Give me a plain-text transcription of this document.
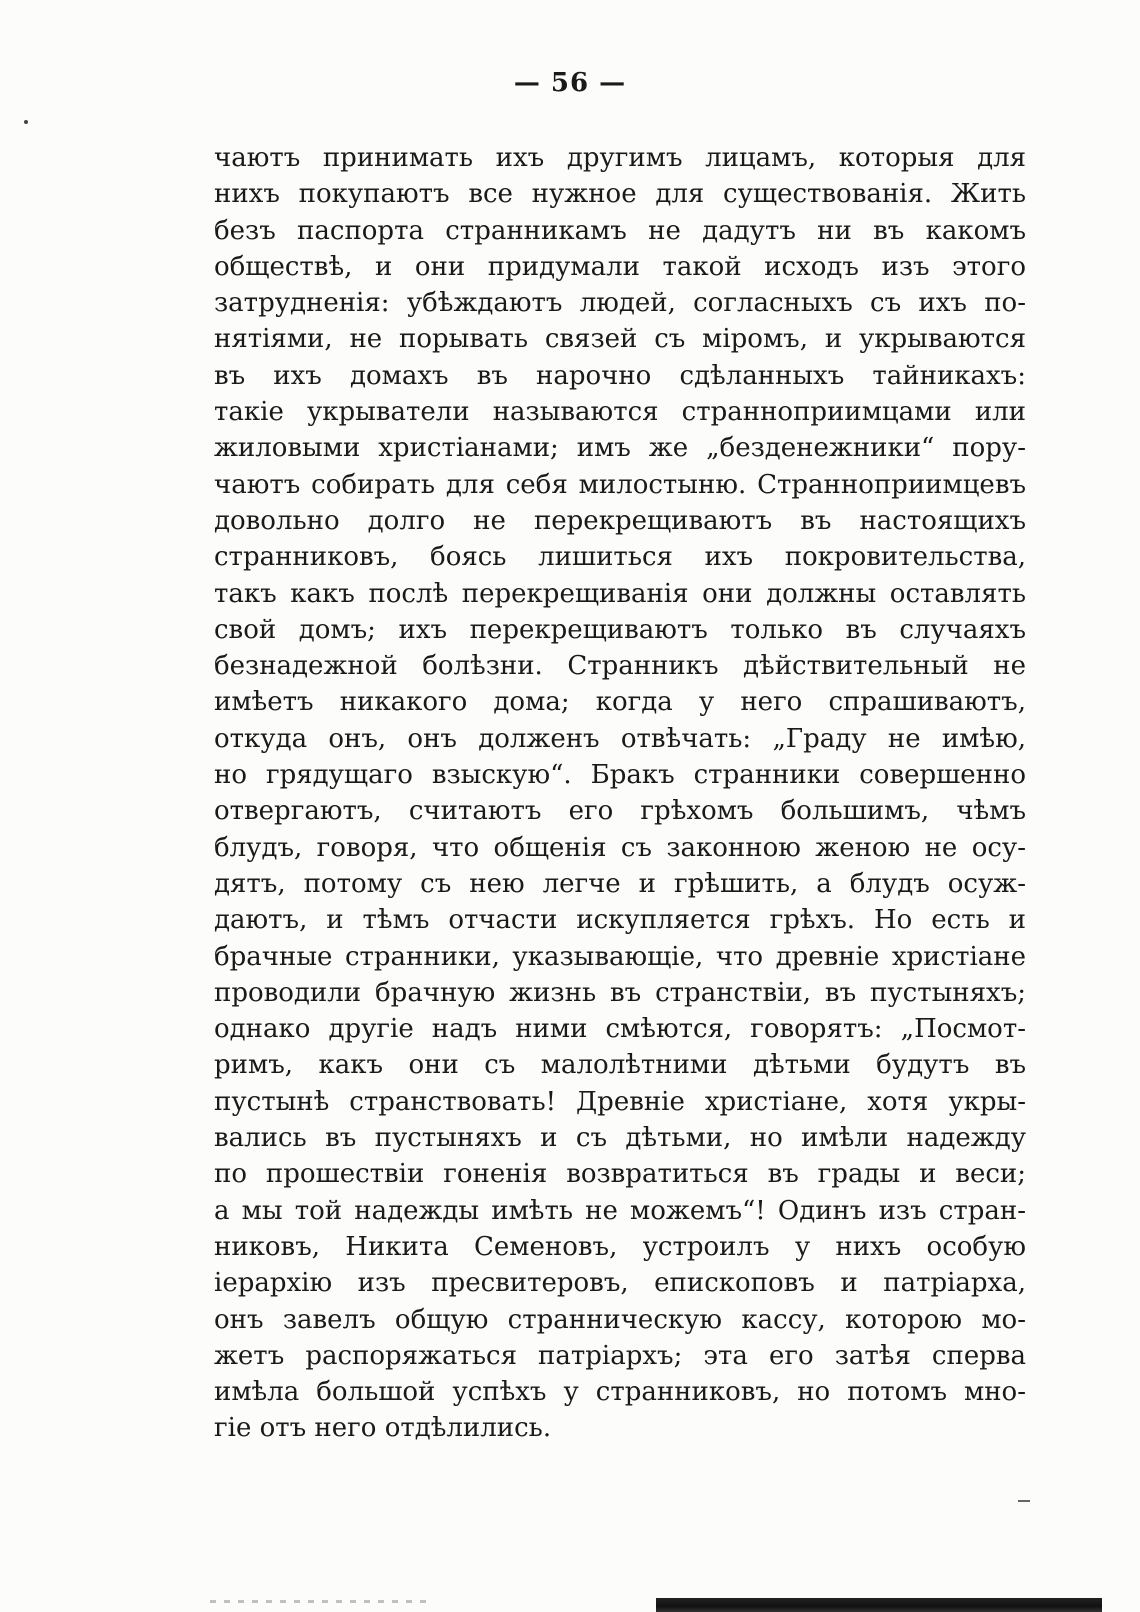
— 56 —
чаютъ принимать ихъ другимъ лицамъ, которыя для
нихъ покупаютъ все нужное для существованія. Жить
безъ паспорта странникамъ не дадутъ ни въ какомъ
обществѣ, и они придумали такой исходъ изъ этого
затрудненія: убѣждаютъ людей, согласныхъ съ ихъ по-
нятіями, не порывать связей съ міромъ, и укрываются
въ ихъ домахъ въ нарочно сдѣланныхъ тайникахъ:
такіе укрыватели называются странноприимцами или
жиловыми христіанами; имъ же „безденежники“ пору-
чаютъ собирать для себя милостыню. Странноприимцевъ
довольно долго не перекрещиваютъ въ настоящихъ
странниковъ, боясь лишиться ихъ покровительства,
такъ какъ послѣ перекрещиванія они должны оставлять
свой домъ; ихъ перекрещиваютъ только въ случаяхъ
безнадежной болѣзни. Странникъ дѣйствительный не
имѣетъ никакого дома; когда у него спрашиваютъ,
откуда онъ, онъ долженъ отвѣчать: „Граду не имѣю,
но грядущаго взыскую“. Бракъ странники совершенно
отвергаютъ, считаютъ его грѣхомъ большимъ, чѣмъ
блудъ, говоря, что общенія съ законною женою не осу-
дятъ, потому съ нею легче и грѣшить, а блудъ осуж-
даютъ, и тѣмъ отчасти искупляется грѣхъ. Но есть и
брачные странники, указывающіе, что древніе христіане
проводили брачную жизнь въ странствіи, въ пустыняхъ;
однако другіе надъ ними смѣются, говорятъ: „Посмот-
римъ, какъ они съ малолѣтними дѣтьми будутъ въ
пустынѣ странствовать! Древніе христіане, хотя укры-
вались въ пустыняхъ и съ дѣтьми, но имѣли надежду
по прошествіи гоненія возвратиться въ грады и веси;
а мы той надежды имѣть не можемъ“! Одинъ изъ стран-
никовъ, Никита Семеновъ, устроилъ у нихъ особую
іерархію изъ пресвитеровъ, епископовъ и патріарха,
онъ завелъ общую странническую кассу, которою мо-
жетъ распоряжаться патріархъ; эта его затѣя сперва
имѣла большой успѣхъ у странниковъ, но потомъ мно-
гіе отъ него отдѣлились.
